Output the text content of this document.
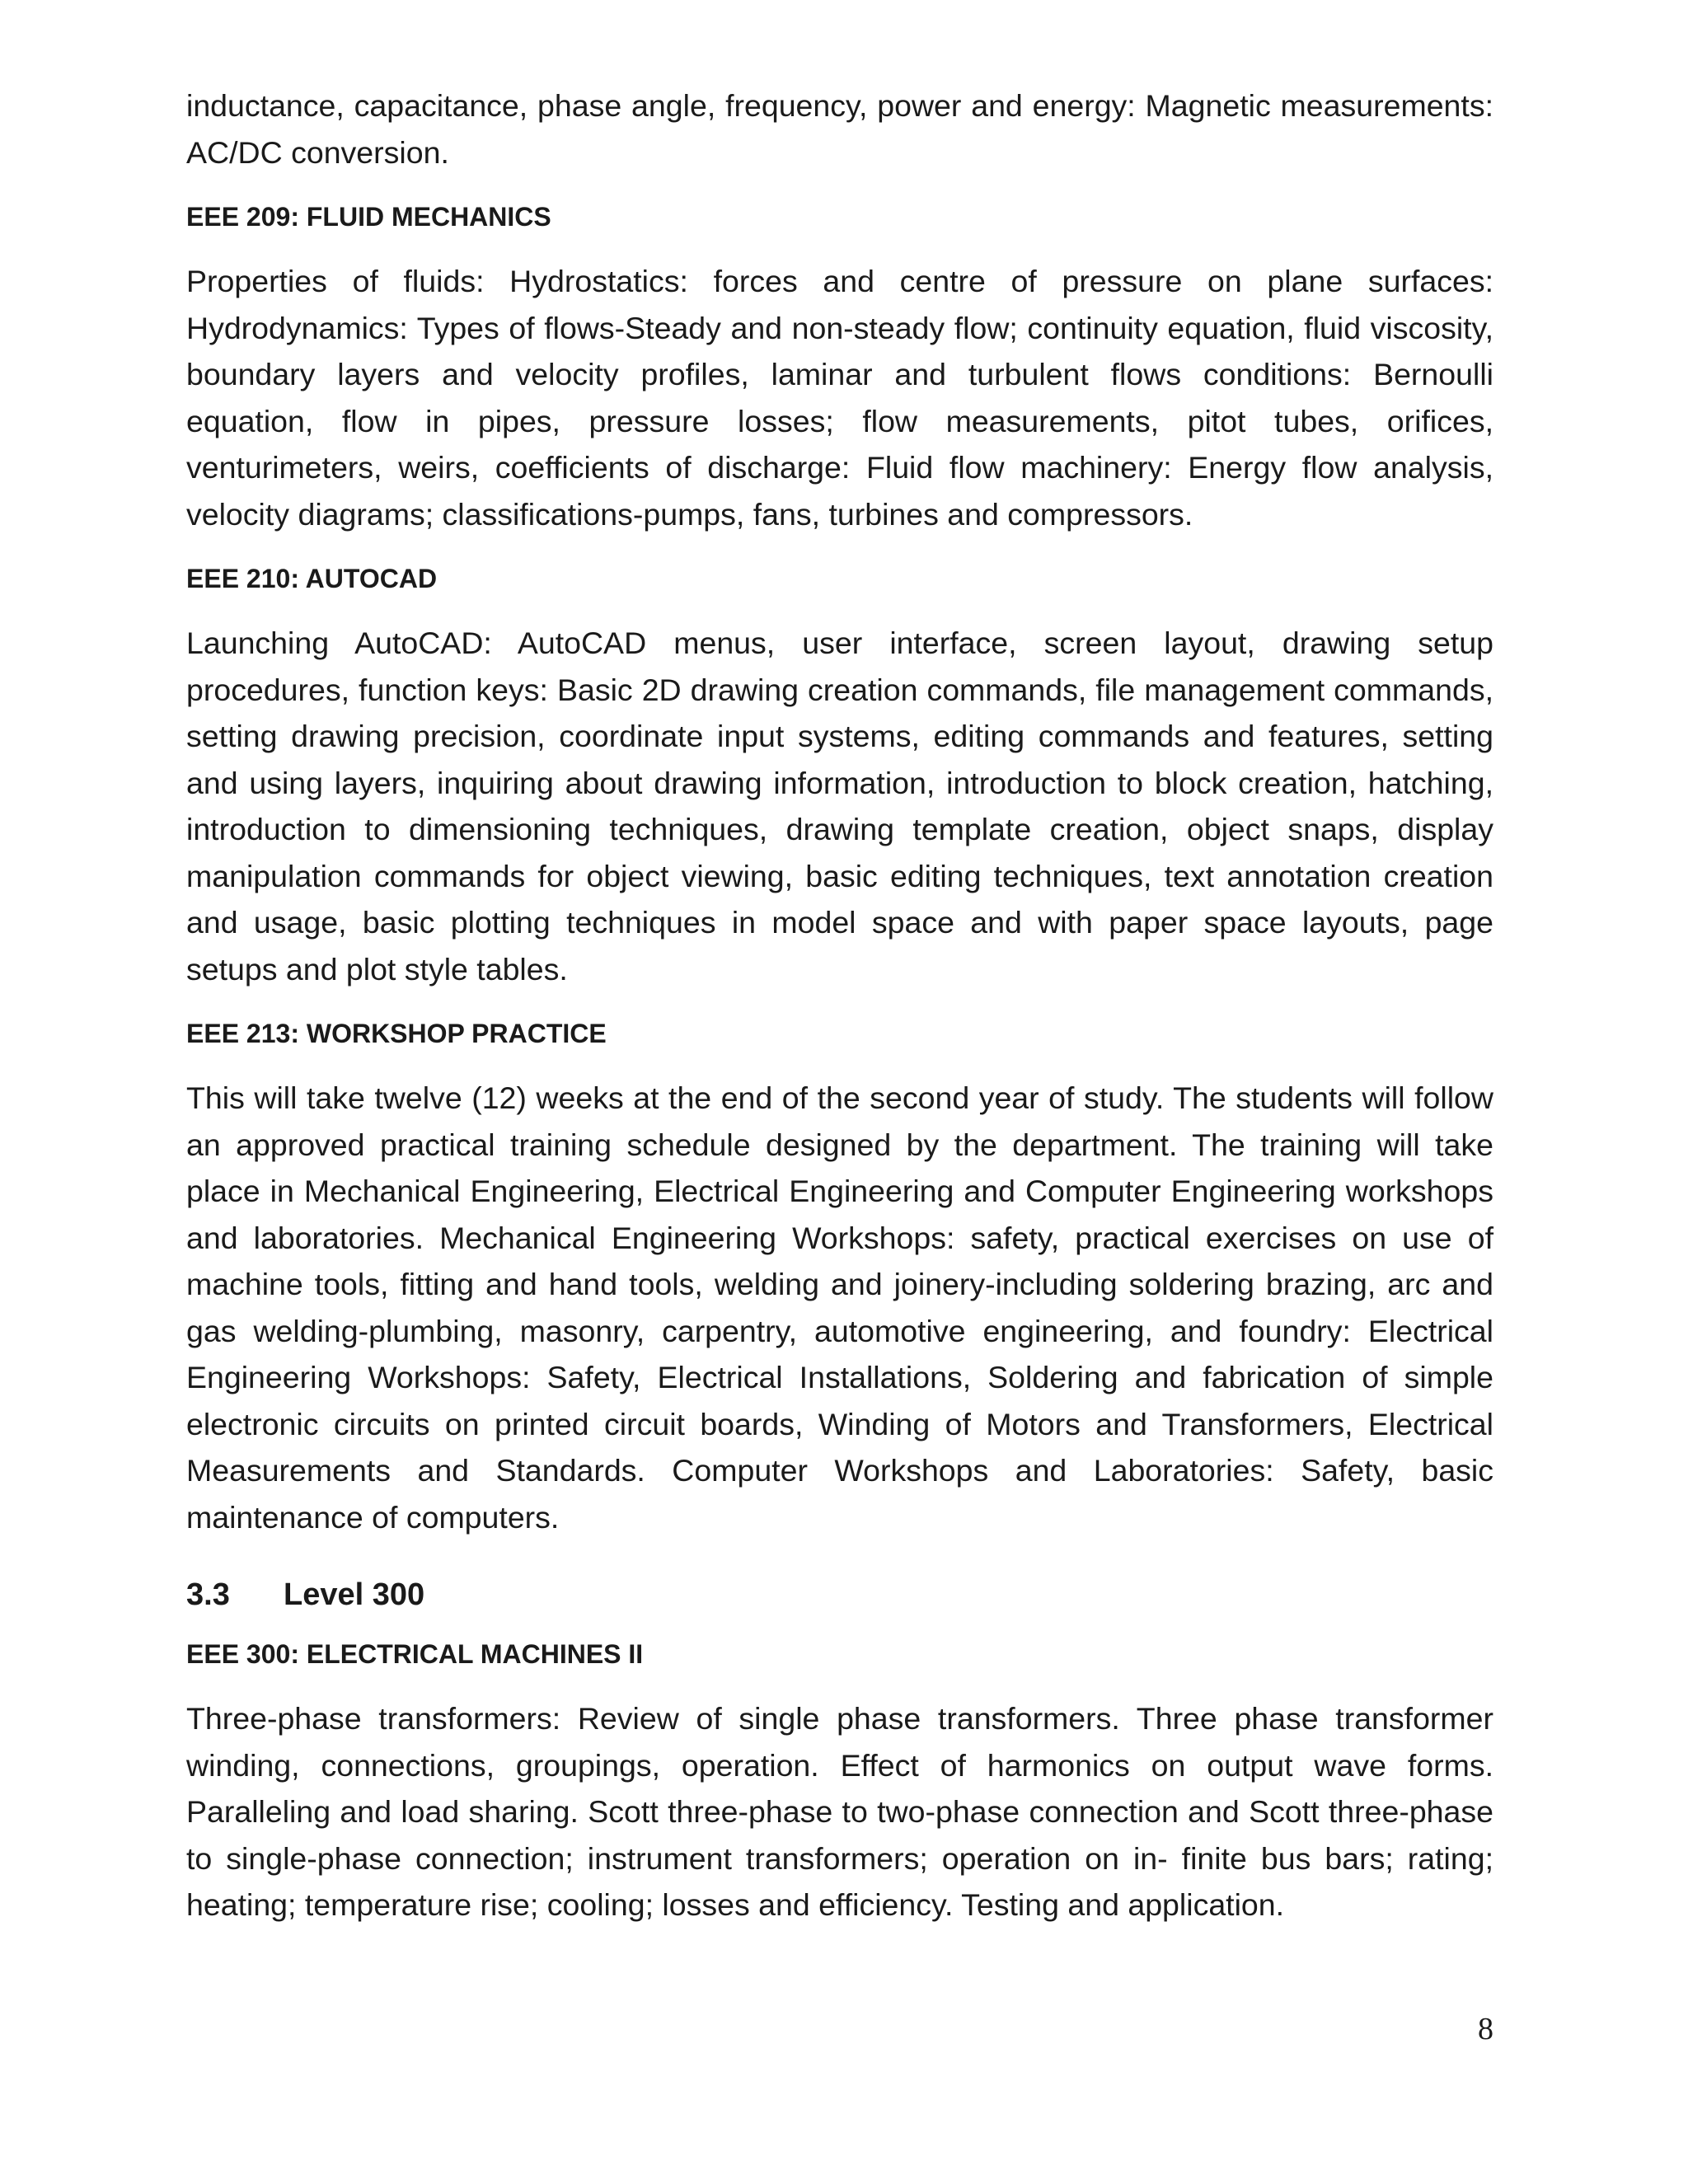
inductance, capacitance, phase angle, frequency, power and energy: Magnetic measurements: AC/DC conversion.

EEE 209: FLUID MECHANICS

Properties of fluids: Hydrostatics: forces and centre of pressure on plane surfaces: Hydrodynamics: Types of flows-Steady and non-steady flow; continuity equation, fluid viscosity, boundary layers and velocity profiles, laminar and turbulent flows conditions: Bernoulli equation, flow in pipes, pressure losses; flow measurements, pitot tubes, orifices, venturimeters, weirs, coefficients of discharge: Fluid flow machinery: Energy flow analysis, velocity diagrams; classifications-pumps, fans, turbines and compressors.

EEE 210: AUTOCAD

Launching AutoCAD: AutoCAD menus, user interface, screen layout, drawing setup procedures, function keys: Basic 2D drawing creation commands, file management commands, setting drawing precision, coordinate input systems, editing commands and features, setting and using layers, inquiring about drawing information, introduction to block creation, hatching, introduction to dimensioning techniques, drawing template creation, object snaps, display manipulation commands for object viewing, basic editing techniques, text annotation creation and usage, basic plotting techniques in model space and with paper space layouts, page setups and plot style tables.

EEE 213: WORKSHOP PRACTICE

This will take twelve (12) weeks at the end of the second year of study. The students will follow an approved practical training schedule designed by the department. The training will take place in Mechanical Engineering, Electrical Engineering and Computer Engineering workshops and laboratories. Mechanical Engineering Workshops: safety, practical exercises on use of machine tools, fitting and hand tools, welding and joinery-including soldering brazing, arc and gas welding-plumbing, masonry, carpentry, automotive engineering, and foundry: Electrical Engineering Workshops: Safety, Electrical Installations, Soldering and fabrication of simple electronic circuits on printed circuit boards, Winding of Motors and Transformers, Electrical Measurements and Standards. Computer Workshops and Laboratories: Safety, basic maintenance of computers.

3.3	Level 300
EEE 300: ELECTRICAL MACHINES II

Three-phase transformers: Review of single phase transformers. Three phase transformer winding, connections, groupings, operation. Effect of harmonics on output wave forms. Paralleling and load sharing. Scott three-phase to two-phase connection and Scott three-phase to single-phase connection; instrument transformers; operation on in- finite bus bars; rating; heating; temperature rise; cooling; losses and efficiency. Testing and application.

8
